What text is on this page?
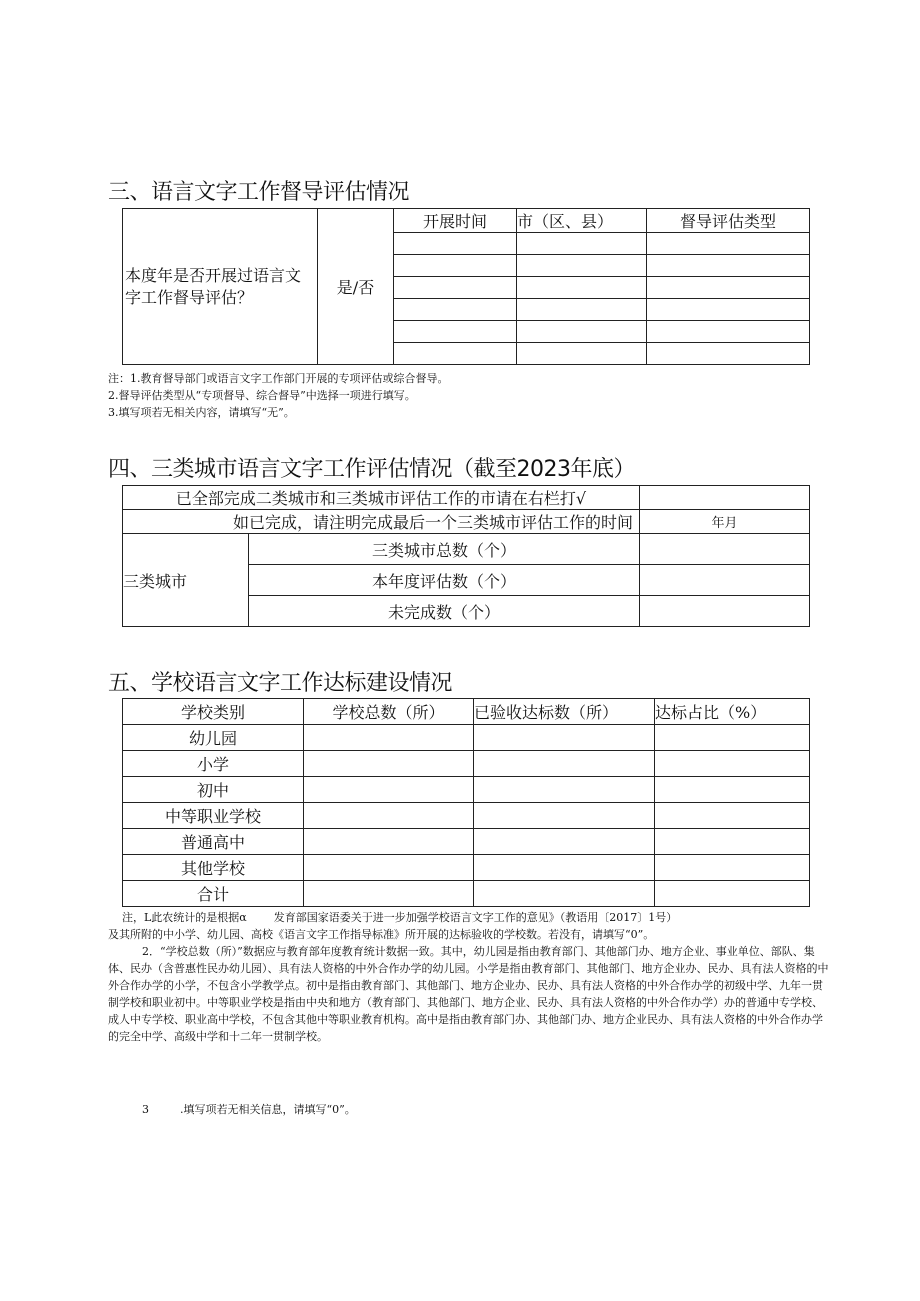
三、语言文字工作督导评估情况
本度年是否开展过语言文字工作督导评估？	是/否	开展时间	市（区、县）	督导评估类型

注：1.教育督导部门或语言文字工作部门开展的专项评估或综合督导。
2.督导评估类型从“专项督导、综合督导”中选择一项进行填写。
3.填写项若无相关内容，请填写“无”。
四、三类城市语言文字工作评估情况（截至2023年底）
已全部完成二类城市和三类城市评估工作的市请在右栏打√		
如已完成，请注明完成最后一个三类城市评估工作的时间		年月
三类城市	三类城市总数（个）	
	本年度评估数（个）	
	未完成数（个）	
五、学校语言文字工作达标建设情况
学校类别	学校总数（所）	已验收达标数（所）	达标占比（%）
幼儿园			
小学			
初中			
中等职业学校			
普通高中			
其他学校			
合计			
注，L此农统计的是根据α 发育部国家语委关于进一步加强学校语言文字工作的意见》（教语用〔2017〕1号）
及其所附的中小学、幼儿园、高校《语言文字工作指导标准》所开展的达标验收的学校数。若没有，请填写“0”。

2．“学校总数（所）”数据应与教育部年度教育统计数据一致。其中，幼儿园是指由教育部门、其他部门办、地方企业、事业单位、部队、集体、民办（含普惠性民办幼儿园）、具有法人资格的中外合作办学的幼儿园。小学是指由教育部门、其他部门、地方企业办、民办、具有法人资格的中外合作办学的小学，不包含小学教学点。初中是指由教育部门、其他部门、地方企业办、民办、具有法人资格的中外合作办学的初级中学、九年一贯制学校和职业初中。中等职业学校是指由中央和地方（教育部门、其他部门、地方企业、民办、具有法人资格的中外合作办学）办的普通中专学校、成人中专学校、职业高中学校，不包含其他中等职业教育机构。高中是指由教育部门办、其他部门办、地方企业民办、具有法人资格的中外合作办学的完全中学、高级中学和十二年一贯制学校。

3	.填写项若无相关信息，请填写“0”。
